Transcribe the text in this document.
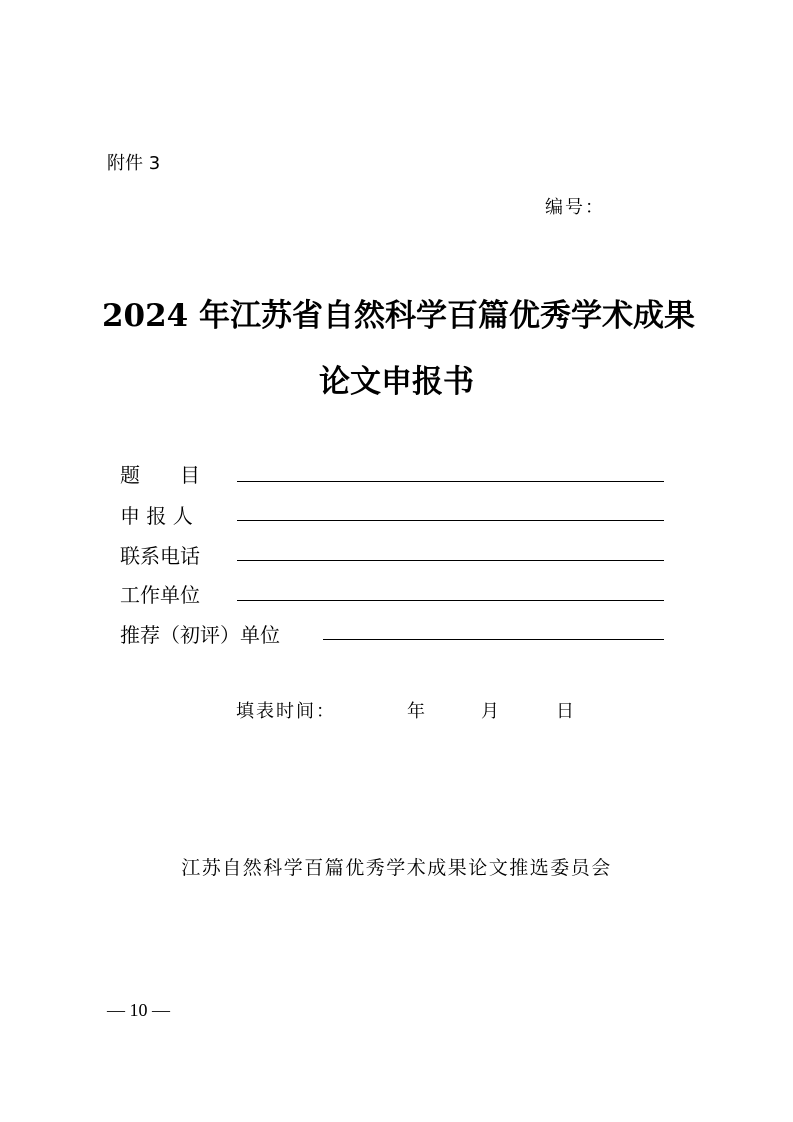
附件 3
编号：
2024 年江苏省自然科学百篇优秀学术成果
论文申报书
题　　目
申 报 人
联系电话
工作单位
推荐（初评）单位
填表时间：	年	月	日
江苏自然科学百篇优秀学术成果论文推选委员会
— 10 —
